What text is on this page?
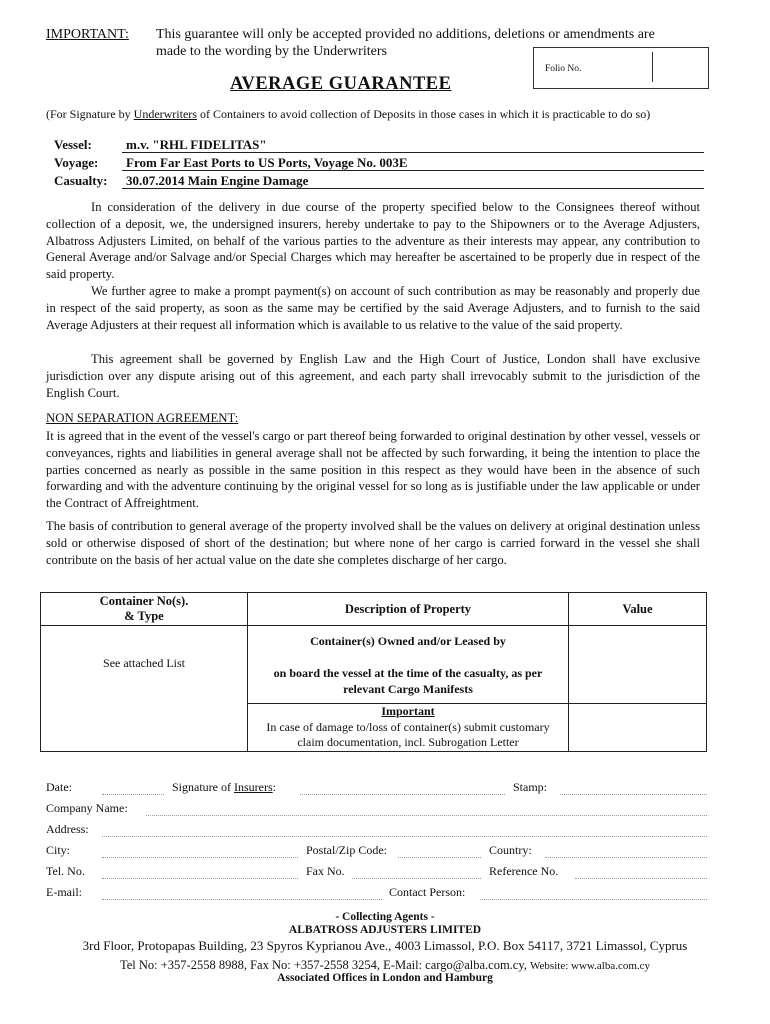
IMPORTANT: This guarantee will only be accepted provided no additions, deletions or amendments are
made to the wording by the Underwriters
Folio No.
AVERAGE GUARANTEE
(For Signature by Underwriters of Containers to avoid collection of Deposits in those cases in which it is practicable to do so)
Vessel:	m.v. "RHL FIDELITAS"
Voyage: From Far East Ports to US Ports, Voyage No. 003E
Casualty: 30.07.2014 Main Engine Damage
In consideration of the delivery in due course of the property specified below to the Consignees thereof without collection of a deposit, we, the undersigned insurers, hereby undertake to pay to the Shipowners or to the Average Adjusters, Albatross Adjusters Limited, on behalf of the various parties to the adventure as their interests may appear, any contribution to General Average and/or Salvage and/or Special Charges which may hereafter be ascertained to be properly due in respect of the said property.
We further agree to make a prompt payment(s) on account of such contribution as may be reasonably and properly due in respect of the said property, as soon as the same may be certified by the said Average Adjusters, and to furnish to the said Average Adjusters at their request all information which is available to us relative to the value of the said property.
This agreement shall be governed by English Law and the High Court of Justice, London shall have exclusive jurisdiction over any dispute arising out of this agreement, and each party shall irrevocably submit to the jurisdiction of the English Court.
NON SEPARATION AGREEMENT:
It is agreed that in the event of the vessel's cargo or part thereof being forwarded to original destination by other vessel, vessels or conveyances, rights and liabilities in general average shall not be affected by such forwarding, it being the intention to place the parties concerned as nearly as possible in the same position in this respect as they would have been in the absence of such forwarding and with the adventure continuing by the original vessel for so long as is justifiable under the law applicable or under the Contract of Affreightment.
The basis of contribution to general average of the property involved shall be the values on delivery at original destination unless sold or otherwise disposed of short of the destination; but where none of her cargo is carried forward in the vessel she shall contribute on the basis of her actual value on the date she completes discharge of her cargo.
Container No(s).
& Type	Description of Property	Value
See attached List	Container(s) Owned and/or Leased by
on board the vessel at the time of the casualty, as per
relevant Cargo Manifests	

	Important
In case of damage to/loss of container(s) submit customary
claim documentation, incl. Subrogation Letter	

Date:	Signature of Insurers:	Stamp:
Company Name:
Address:
City:	Postal/Zip Code:	Country:
Tel. No.	Fax No.	Reference No.
E-mail:	Contact Person:
- Collecting Agents -
ALBATROSS ADJUSTERS LIMITED
3rd Floor, Protopapas Building, 23 Spyros Kyprianou Ave., 4003 Limassol, P.O. Box 54117, 3721 Limassol, Cyprus
Tel No: +357-2558 8988, Fax No: +357-2558 3254, E-Mail: cargo@alba.com.cy, Website: www.alba.com.cy
Associated Offices in London and Hamburg
